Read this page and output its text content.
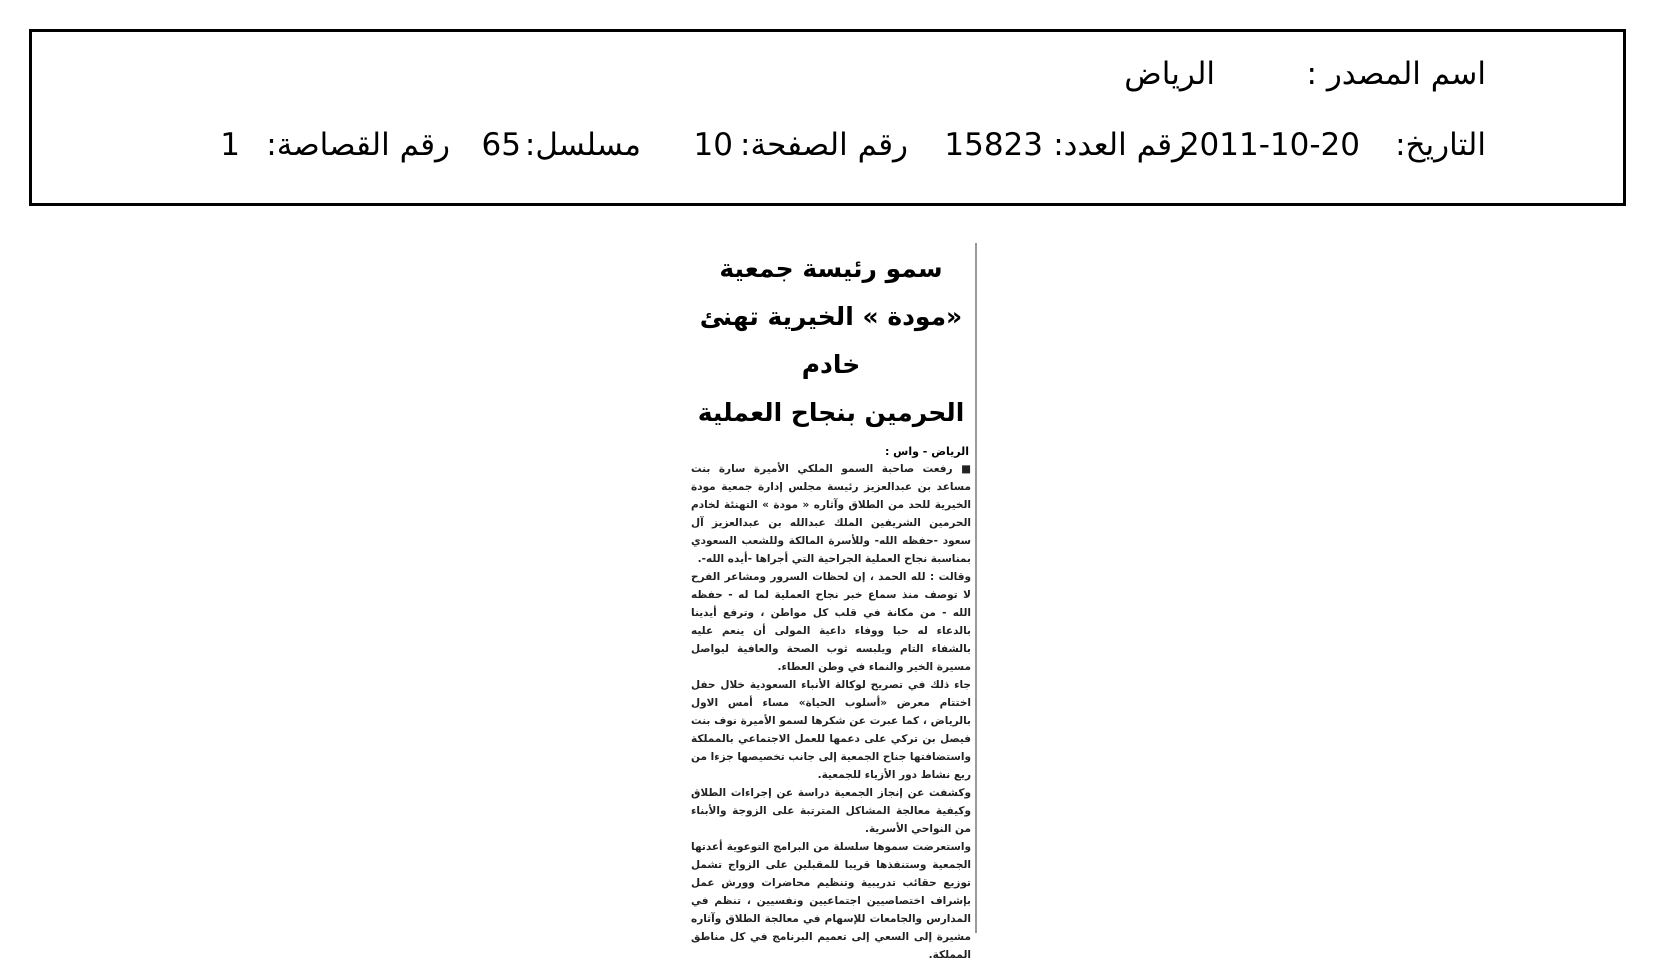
اسم المصدر :
الرياض
التاريخ:
2011-10-20
رقم العدد:
15823
رقم الصفحة:
10
مسلسل:
65
رقم القصاصة:
1
سمو رئيسة جمعية
«مودة » الخيرية تهنئ خادم
الحرمين بنجاح العملية
الرياض - واس :

■ رفعت صاحبة السمو الملكي الأميرة سارة بنت مساعد بن عبدالعزيز رئيسة مجلس إدارة جمعية مودة الخيرية للحد من الطلاق وآثاره « مودة » التهنئة لخادم الحرمين الشريفين الملك عبدالله بن عبدالعزيز آل سعود -حفظه الله- وللأسرة المالكة وللشعب السعودي بمناسبة نجاح العملية الجراحية التي أجراها -أيده الله-.

وقالت : لله الحمد ، إن لحظات السرور ومشاعر الفرح لا توصف منذ سماع خبر نجاح العملية لما له - حفظه الله - من مكانة في قلب كل مواطن ، وترفع أيدينا بالدعاء له حبا ووفاء داعية المولى أن ينعم عليه بالشفاء التام ويلبسه ثوب الصحة والعافية ليواصل مسيرة الخير والنماء في وطن العطاء.

جاء ذلك في تصريح لوكالة الأنباء السعودية خلال حفل اختتام معرض «أسلوب الحياة» مساء أمس الاول بالرياض ، كما عبرت عن شكرها لسمو الأميرة نوف بنت فيصل بن تركي على دعمها للعمل الاجتماعي بالمملكة واستضافتها جناح الجمعية إلى جانب تخصيصها جزءا من ريع نشاط دور الأزياء للجمعية.

وكشفت عن إنجاز الجمعية دراسة عن إجراءات الطلاق وكيفية معالجة المشاكل المترتبة على الزوجة والأبناء من النواحي الأسرية.

واستعرضت سموها سلسلة من البرامج التوعوية أعدتها الجمعية وستنفذها قريبا للمقبلين على الزواج تشمل توزيع حقائب تدريبية وتنظيم محاضرات وورش عمل بإشراف اختصاصيين اجتماعيين ونفسيين ، تنظم في المدارس والجامعات للإسهام في معالجة الطلاق وآثاره مشيرة إلى السعي إلى تعميم البرنامج في كل مناطق المملكة.
